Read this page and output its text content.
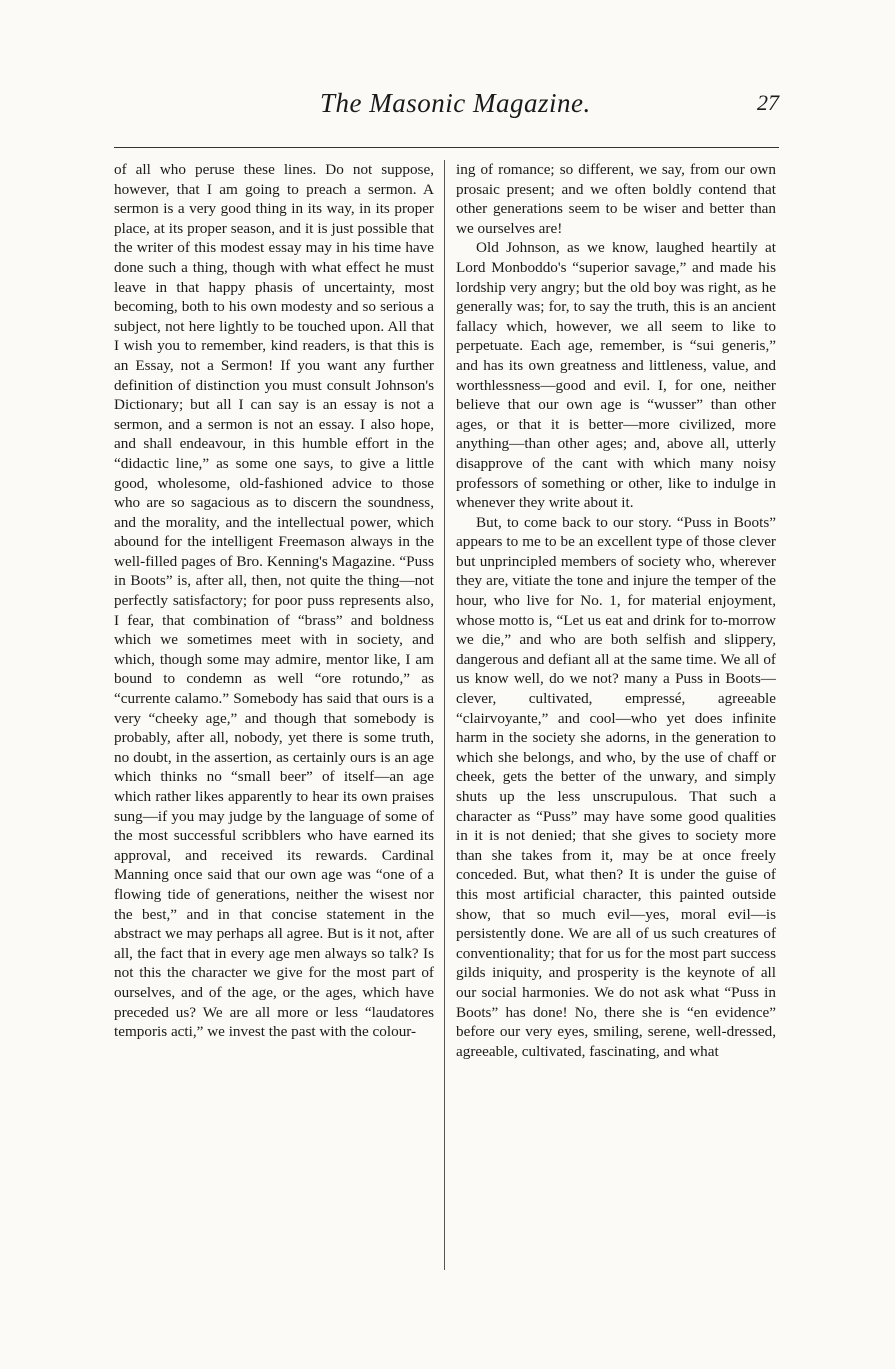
The Masonic Magazine.	27

of all who peruse these lines. Do not suppose, however, that I am going to preach a sermon. A sermon is a very good thing in its way, in its proper place, at its proper season, and it is just possible that the writer of this modest essay may in his time have done such a thing, though with what effect he must leave in that happy phasis of uncertainty, most becoming, both to his own modesty and so serious a subject, not here lightly to be touched upon. All that I wish you to remember, kind readers, is that this is an Essay, not a Sermon! If you want any further definition of distinction you must consult Johnson's Dictionary; but all I can say is an essay is not a sermon, and a sermon is not an essay. I also hope, and shall endeavour, in this humble effort in the “didactic line,” as some one says, to give a little good, wholesome, old-fashioned advice to those who are so sagacious as to discern the soundness, and the morality, and the intellectual power, which abound for the intelligent Freemason always in the well-filled pages of Bro. Kenning's Magazine. “Puss in Boots” is, after all, then, not quite the thing—not perfectly satisfactory; for poor puss represents also, I fear, that combination of “brass” and boldness which we sometimes meet with in society, and which, though some may admire, mentor like, I am bound to condemn as well “ore rotundo,” as “currente calamo.” Somebody has said that ours is a very “cheeky age,” and though that somebody is probably, after all, nobody, yet there is some truth, no doubt, in the assertion, as certainly ours is an age which thinks no “small beer” of itself—an age which rather likes apparently to hear its own praises sung—if you may judge by the language of some of the most successful scribblers who have earned its approval, and received its rewards. Cardinal Manning once said that our own age was “one of a flowing tide of generations, neither the wisest nor the best,” and in that concise statement in the abstract we may perhaps all agree. But is it not, after all, the fact that in every age men always so talk? Is not this the character we give for the most part of ourselves, and of the age, or the ages, which have preceded us? We are all more or less “laudatores temporis acti,” we invest the past with the colour-

ing of romance; so different, we say, from our own prosaic present; and we often boldly contend that other generations seem to be wiser and better than we ourselves are!

Old Johnson, as we know, laughed heartily at Lord Monboddo's “superior savage,” and made his lordship very angry; but the old boy was right, as he generally was; for, to say the truth, this is an ancient fallacy which, however, we all seem to like to perpetuate. Each age, remember, is “sui generis,” and has its own greatness and littleness, value, and worthlessness—good and evil. I, for one, neither believe that our own age is “wusser” than other ages, or that it is better—more civilized, more anything—than other ages; and, above all, utterly disapprove of the cant with which many noisy professors of something or other, like to indulge in whenever they write about it.

But, to come back to our story. “Puss in Boots” appears to me to be an excellent type of those clever but unprincipled members of society who, wherever they are, vitiate the tone and injure the temper of the hour, who live for No. 1, for material enjoyment, whose motto is, “Let us eat and drink for to-morrow we die,” and who are both selfish and slippery, dangerous and defiant all at the same time. We all of us know well, do we not? many a Puss in Boots—clever, cultivated, empressé, agreeable “clairvoyante,” and cool—who yet does infinite harm in the society she adorns, in the generation to which she belongs, and who, by the use of chaff or cheek, gets the better of the unwary, and simply shuts up the less unscrupulous. That such a character as “Puss” may have some good qualities in it is not denied; that she gives to society more than she takes from it, may be at once freely conceded. But, what then? It is under the guise of this most artificial character, this painted outside show, that so much evil—yes, moral evil—is persistently done. We are all of us such creatures of conventionality; that for us for the most part success gilds iniquity, and prosperity is the keynote of all our social harmonies. We do not ask what “Puss in Boots” has done! No, there she is “en evidence” before our very eyes, smiling, serene, well-dressed, agreeable, cultivated, fascinating, and what
